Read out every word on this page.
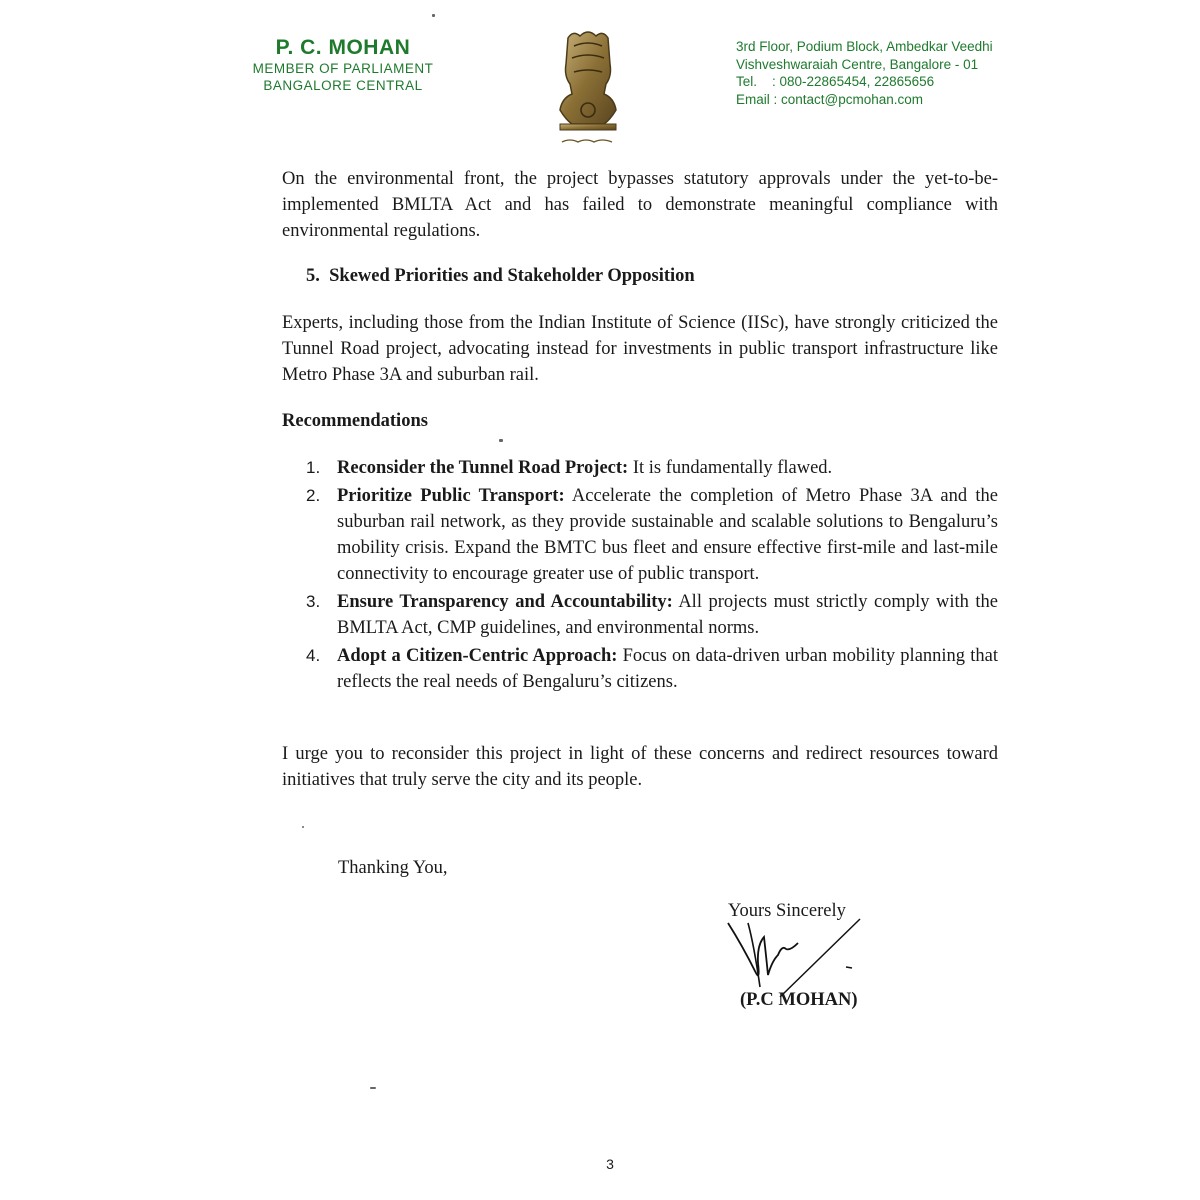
P. C. MOHAN
MEMBER OF PARLIAMENT
BANGALORE CENTRAL
3rd Floor, Podium Block, Ambedkar Veedhi
Vishveshwaraiah Centre, Bangalore - 01
Tel.    : 080-22865454, 22865656
Email : contact@pcmohan.com
On the environmental front, the project bypasses statutory approvals under the yet-to-be-implemented BMLTA Act and has failed to demonstrate meaningful compliance with environmental regulations.
5.  Skewed Priorities and Stakeholder Opposition
Experts, including those from the Indian Institute of Science (IISc), have strongly criticized the Tunnel Road project, advocating instead for investments in public transport infrastructure like Metro Phase 3A and suburban rail.
Recommendations
1. Reconsider the Tunnel Road Project: It is fundamentally flawed.
2. Prioritize Public Transport: Accelerate the completion of Metro Phase 3A and the suburban rail network, as they provide sustainable and scalable solutions to Bengaluru’s mobility crisis. Expand the BMTC bus fleet and ensure effective first-mile and last-mile connectivity to encourage greater use of public transport.
3. Ensure Transparency and Accountability: All projects must strictly comply with the BMLTA Act, CMP guidelines, and environmental norms.
4. Adopt a Citizen-Centric Approach: Focus on data-driven urban mobility planning that reflects the real needs of Bengaluru’s citizens.
I urge you to reconsider this project in light of these concerns and redirect resources toward initiatives that truly serve the city and its people.
Thanking You,
Yours Sincerely
(P.C MOHAN)
3
